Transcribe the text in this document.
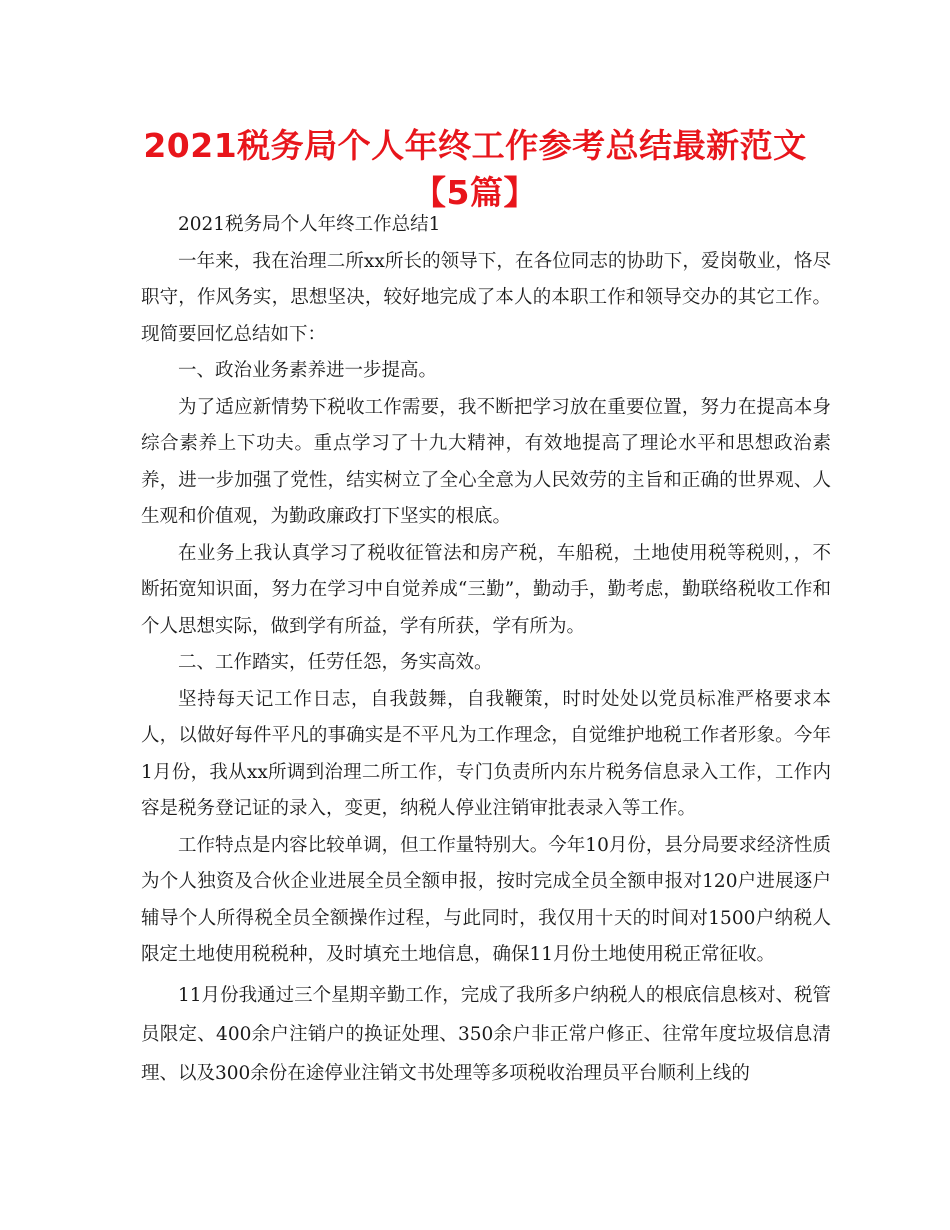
2021税务局个人年终工作参考总结最新范文【5篇】

2021税务局个人年终工作总结1

一年来，我在治理二所xx所长的领导下，在各位同志的协助下，爱岗敬业，恪尽职守，作风务实，思想坚决，较好地完成了本人的本职工作和领导交办的其它工作。现简要回忆总结如下：

一、政治业务素养进一步提高。

为了适应新情势下税收工作需要，我不断把学习放在重要位置，努力在提高本身综合素养上下功夫。重点学习了十九大精神，有效地提高了理论水平和思想政治素养，进一步加强了党性，结实树立了全心全意为人民效劳的主旨和正确的世界观、人生观和价值观，为勤政廉政打下坚实的根底。

在业务上我认真学习了税收征管法和房产税，车船税，土地使用税等税则，，不断拓宽知识面，努力在学习中自觉养成“三勤”，勤动手，勤考虑，勤联络税收工作和个人思想实际，做到学有所益，学有所获，学有所为。

二、工作踏实，任劳任怨，务实高效。

坚持每天记工作日志，自我鼓舞，自我鞭策，时时处处以党员标准严格要求本人，以做好每件平凡的事确实是不平凡为工作理念，自觉维护地税工作者形象。今年1月份，我从xx所调到治理二所工作，专门负责所内东片税务信息录入工作，工作内容是税务登记证的录入，变更，纳税人停业注销审批表录入等工作。

工作特点是内容比较单调，但工作量特别大。今年10月份，县分局要求经济性质为个人独资及合伙企业进展全员全额申报，按时完成全员全额申报对120户进展逐户辅导个人所得税全员全额操作过程，与此同时，我仅用十天的时间对1500户纳税人限定土地使用税税种，及时填充土地信息，确保11月份土地使用税正常征收。

11月份我通过三个星期辛勤工作，完成了我所多户纳税人的根底信息核对、税管员限定、400余户注销户的换证处理、350余户非正常户修正、往常年度垃圾信息清理、以及300余份在途停业注销文书处理等多项税收治理员平台顺利上线的
